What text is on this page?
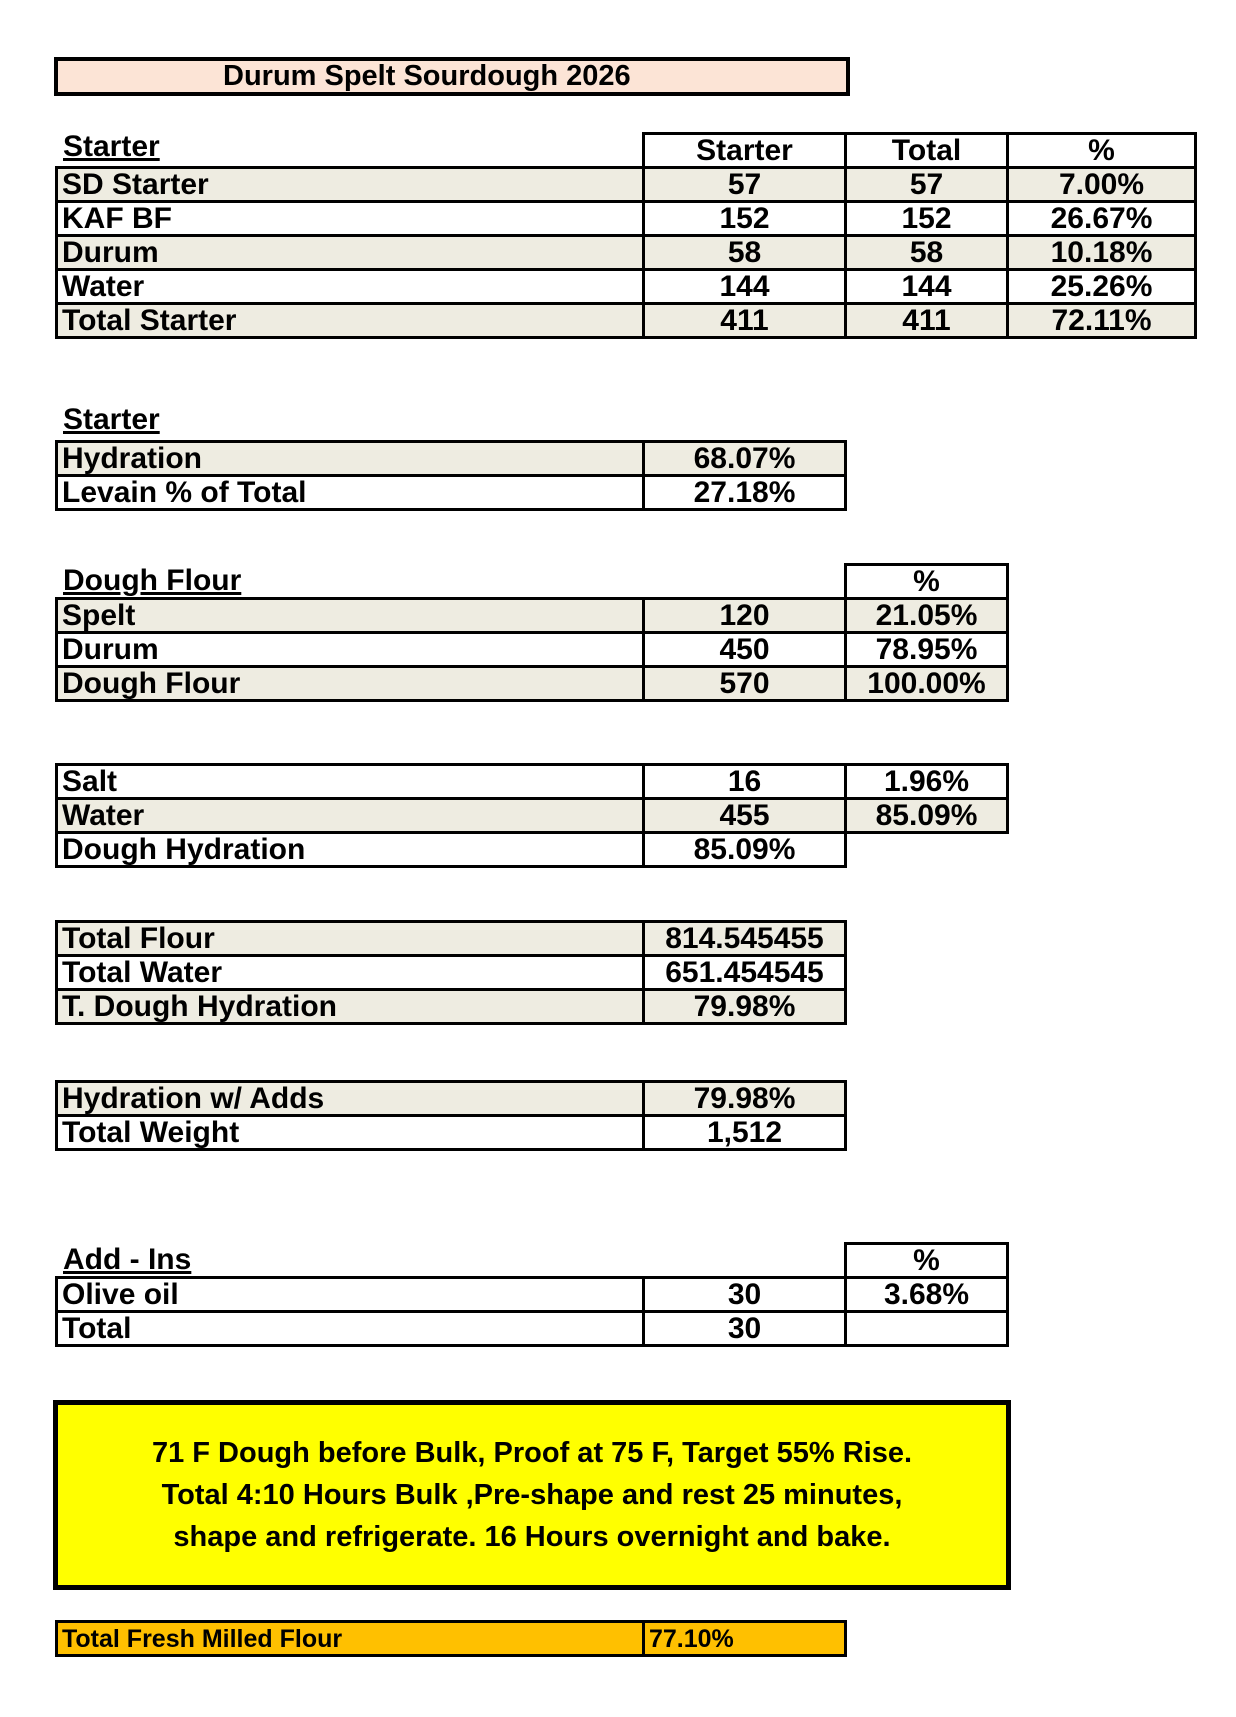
Durum Spelt Sourdough 2026
Starter
		Starter	Total	%
SD Starter	57	57	7.00%
KAF BF	152	152	26.67%
Durum	58	58	10.18%
Water	144	144	25.26%
Total Starter	411	411	72.11%
Starter
Hydration	68.07%
Levain % of Total	27.18%
Dough Flour
			%
Spelt	120	21.05%
Durum	450	78.95%
Dough Flour	570	100.00%
Salt	16	1.96%
Water	455	85.09%
Dough Hydration	85.09%	
Total Flour	814.545455
Total Water	651.454545
T. Dough Hydration	79.98%
Hydration w/ Adds	79.98%
Total Weight	1,512
Add - Ins
			%
Olive oil	30	3.68%
Total	30	
71 F Dough before Bulk, Proof at 75 F, Target 55% Rise.
Total 4:10 Hours Bulk ,Pre-shape and rest 25 minutes,
shape and refrigerate. 16 Hours overnight and bake.
Total Fresh Milled Flour	77.10%
